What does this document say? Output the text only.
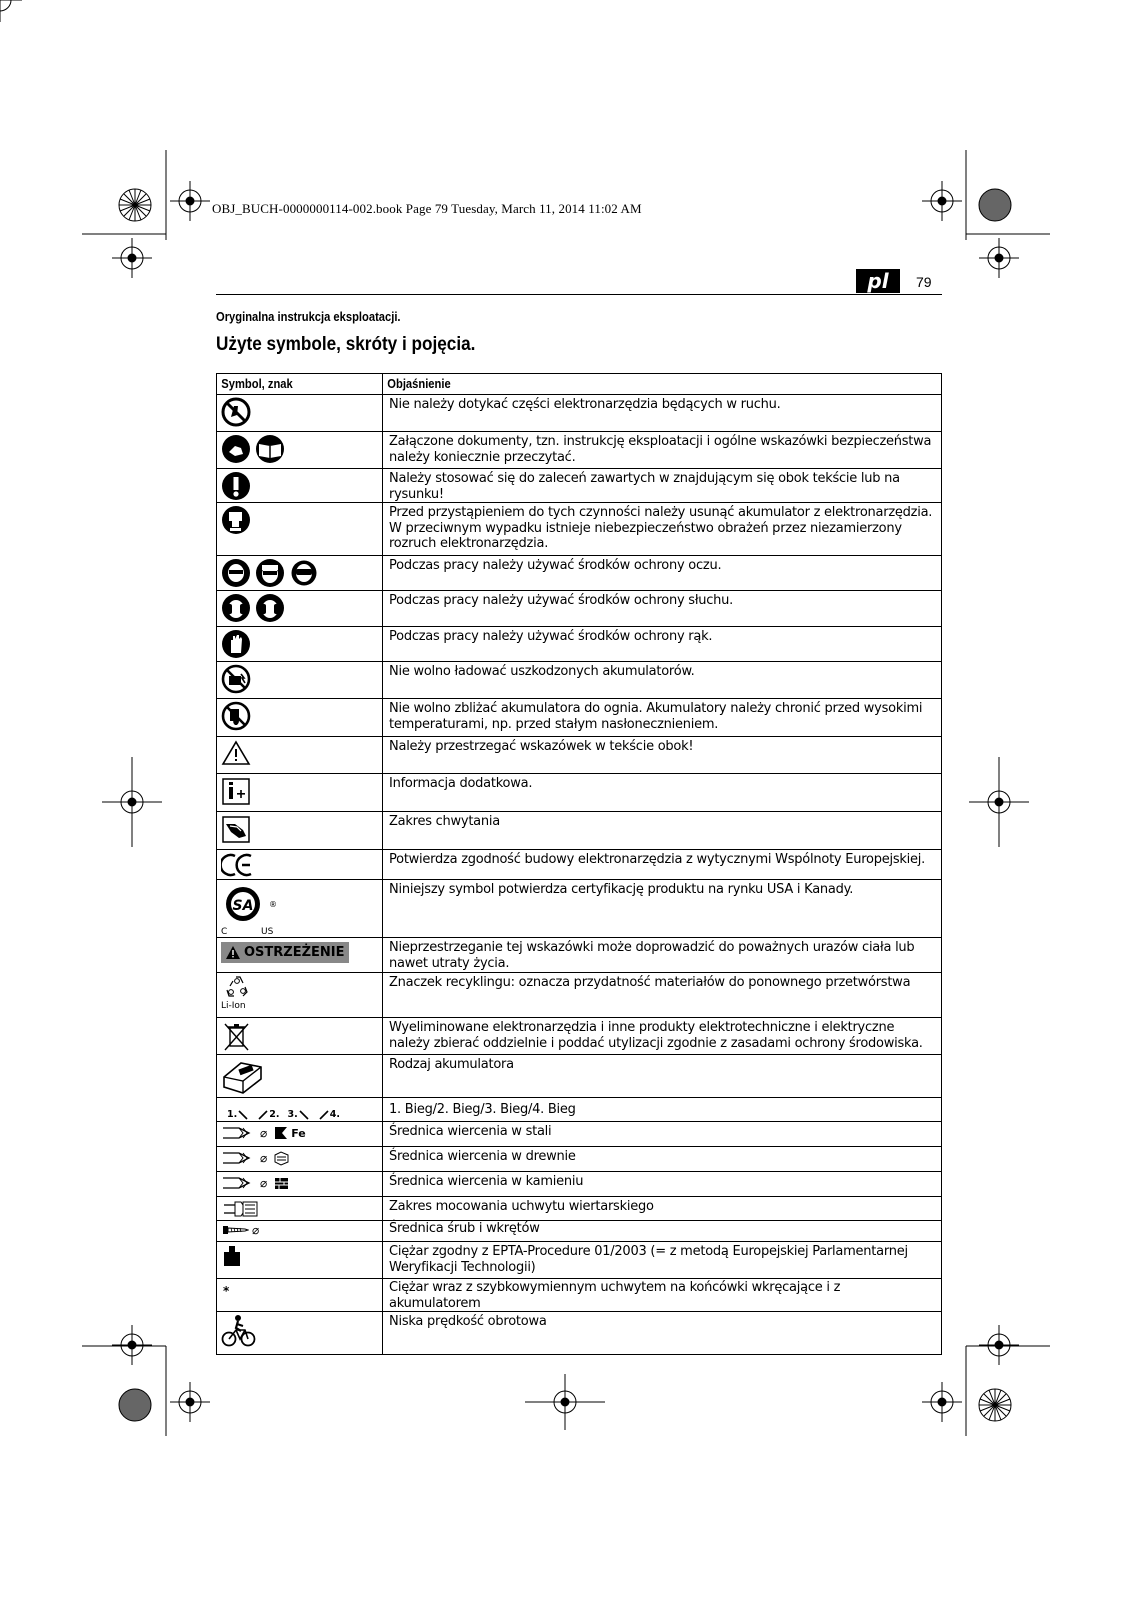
OBJ_BUCH-0000000114-002.book Page 79 Tuesday, March 11, 2014 11:02 AM
pl	79
Oryginalna instrukcja eksploatacji.
Użyte symbole, skróty i pojęcia.
Symbol, znak	Objaśnienie

	Nie należy dotykać części elektronarzędzia będących w ruchu.

	Załączone dokumenty, tzn. instrukcję eksploatacji i ogólne wskazówki bezpieczeństwa należy koniecznie przeczytać.

	Należy stosować się do zaleceń zawartych w znajdującym się obok tekście lub na rysunku!

	Przed przystąpieniem do tych czynności należy usunąć akumulator z elektronarzędzia. W przeciwnym wypadku istnieje niebezpieczeństwo obrażeń przez niezamierzony rozruch elektronarzędzia.

	Podczas pracy należy używać środków ochrony oczu.

	Podczas pracy należy używać środków ochrony słuchu.

	Podczas pracy należy używać środków ochrony rąk.

	Nie wolno ładować uszkodzonych akumulatorów.

	Nie wolno zbliżać akumulatora do ognia. Akumulatory należy chronić przed wysokimi temperaturami, np. przed stałym nasłonecznieniem.

	Należy przestrzegać wskazówek w tekście obok!

	Informacja dodatkowa.

	Zakres chwytania

	Potwierdza zgodność budowy elektronarzędzia z wytycznymi Wspólnoty Europejskiej.

SA ®
C US	Niniejszy symbol potwierdza certyfikację produktu na rynku USA i Kanady.

OSTRZEŻENIE	Nieprzestrzeganie tej wskazówki może doprowadzić do poważnych urazów ciała lub nawet utraty życia.

Li-Ion	Znaczek recyklingu: oznacza przydatność materiałów do ponownego przetwórstwa

	Wyeliminowane elektronarzędzia i inne produkty elektrotechniczne i elektryczne należy zbierać oddzielnie i poddać utylizacji zgodnie z zasadami ochrony środowiska.

	Rodzaj akumulatora

1. 2. 3. 4.	1. Bieg/2. Bieg/3. Bieg/4. Bieg

⌀ Fe	Średnica wiercenia w stali

⌀	Średnica wiercenia w drewnie

⌀	Średnica wiercenia w kamieniu

	Zakres mocowania uchwytu wiertarskiego

⌀	Średnica śrub i wkrętów

	Ciężar zgodny z EPTA-Procedure 01/2003 (= z metodą Europejskiej Parlamentarnej Weryfikacji Technologii)
*	Ciężar wraz z szybkowymiennym uchwytem na końcówki wkręcające i z akumulatorem

	Niska prędkość obrotowa
